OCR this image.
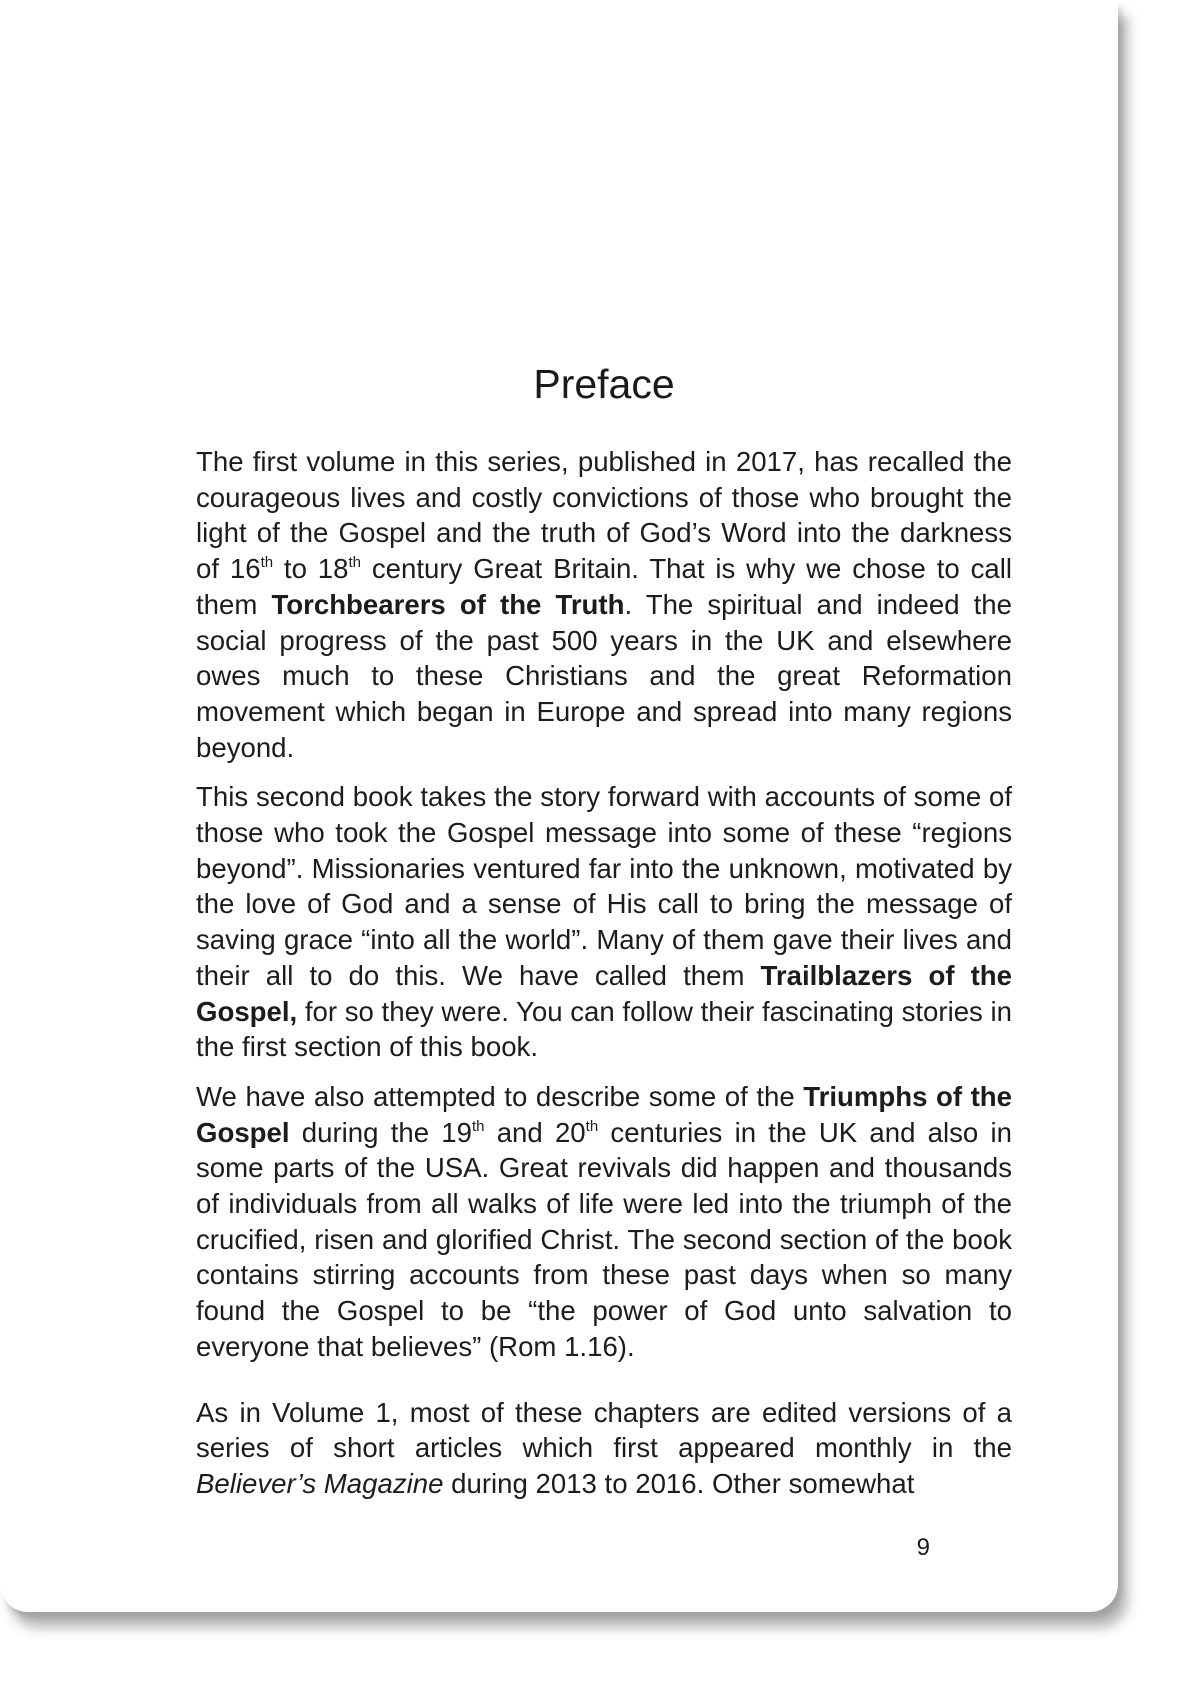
Preface

The first volume in this series, published in 2017, has recalled the courageous lives and costly convictions of those who brought the light of the Gospel and the truth of God’s Word into the darkness of 16th to 18th century Great Britain. That is why we chose to call them Torchbearers of the Truth. The spiritual and indeed the social progress of the past 500 years in the UK and elsewhere owes much to these Christians and the great Reformation movement which began in Europe and spread into many regions beyond.

This second book takes the story forward with accounts of some of those who took the Gospel message into some of these “regions beyond”. Missionaries ventured far into the unknown, motivated by the love of God and a sense of His call to bring the message of saving grace “into all the world”. Many of them gave their lives and their all to do this. We have called them Trailblazers of the Gospel, for so they were. You can follow their fascinating stories in the first section of this book.

We have also attempted to describe some of the Triumphs of the Gospel during the 19th and 20th centuries in the UK and also in some parts of the USA. Great revivals did happen and thousands of individuals from all walks of life were led into the triumph of the crucified, risen and glorified Christ. The second section of the book contains stirring accounts from these past days when so many found the Gospel to be “the power of God unto salvation to everyone that believes” (Rom 1.16).

As in Volume 1, most of these chapters are edited versions of a series of short articles which first appeared monthly in the Believer’s Magazine during 2013 to 2016. Other somewhat

9
